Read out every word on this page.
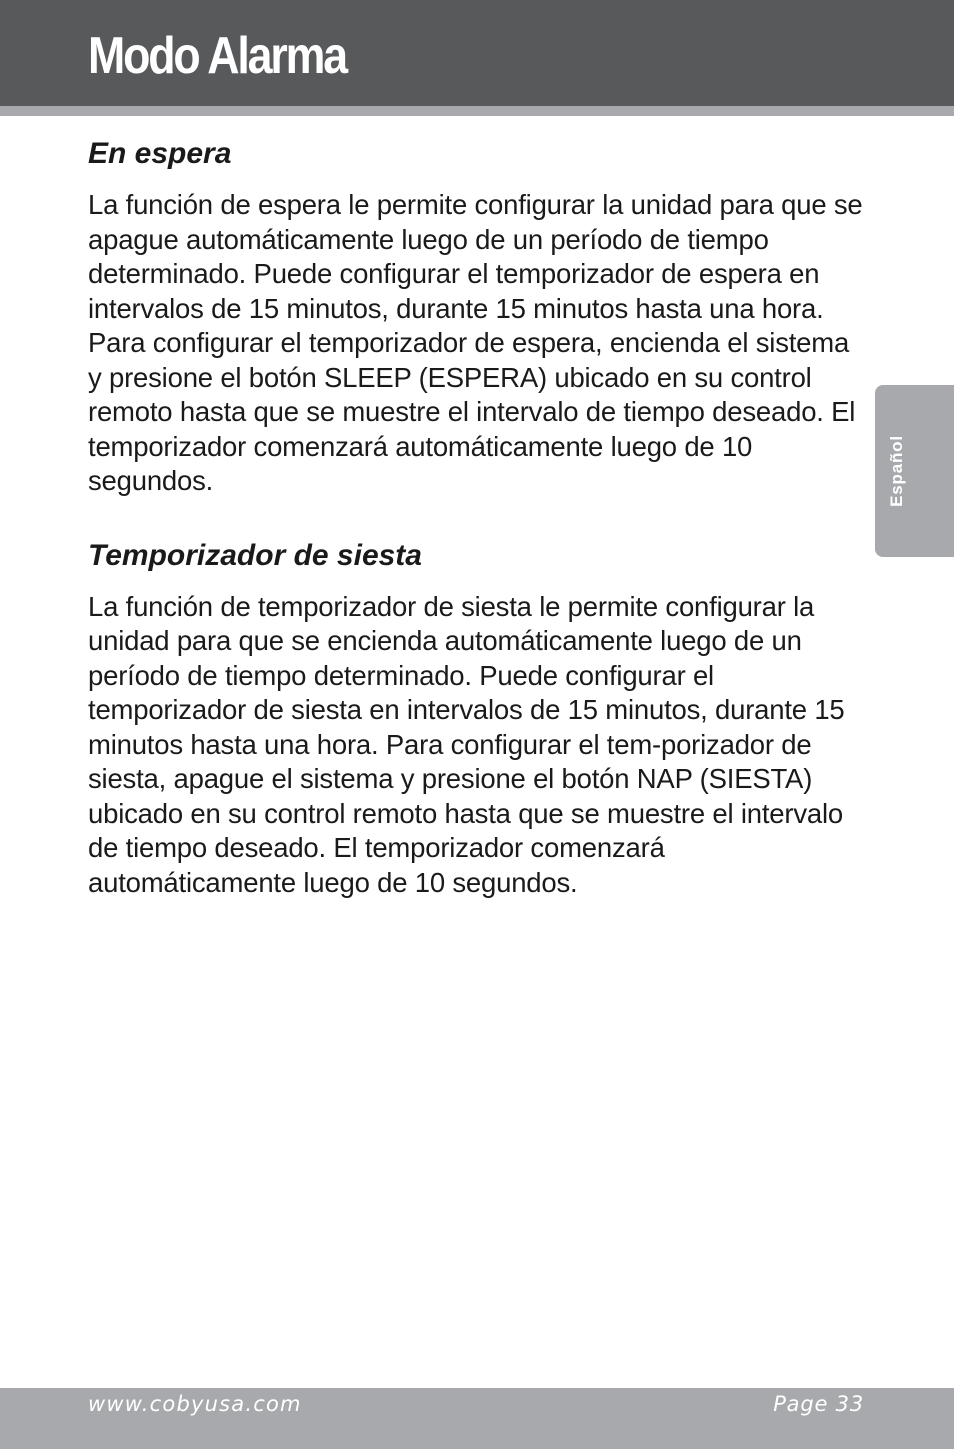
Modo Alarma
En espera

La función de espera le permite configurar la unidad para que se apague automáticamente luego de un período de tiempo determinado. Puede configurar el temporizador de espera en intervalos de 15 minutos, durante 15 minutos hasta una hora. Para configurar el temporizador de espera, encienda el sistema y presione el botón SLEEP (ESPERA) ubicado en su control remoto hasta que se muestre el intervalo de tiempo deseado. El temporizador comenzará automáticamente luego de 10 segundos.

Temporizador de siesta

La función de temporizador de siesta le permite configurar la unidad para que se encienda automáticamente luego de un período de tiempo determinado. Puede configurar el temporizador de siesta en intervalos de 15 minutos, durante 15 minutos hasta una hora. Para configurar el tem-porizador de siesta, apague el sistema y presione el botón NAP (SIESTA) ubicado en su control remoto hasta que se muestre el intervalo de tiempo deseado. El temporizador comenzará automáticamente luego de 10 segundos.

Español
www.cobyusa.com	Page 33
